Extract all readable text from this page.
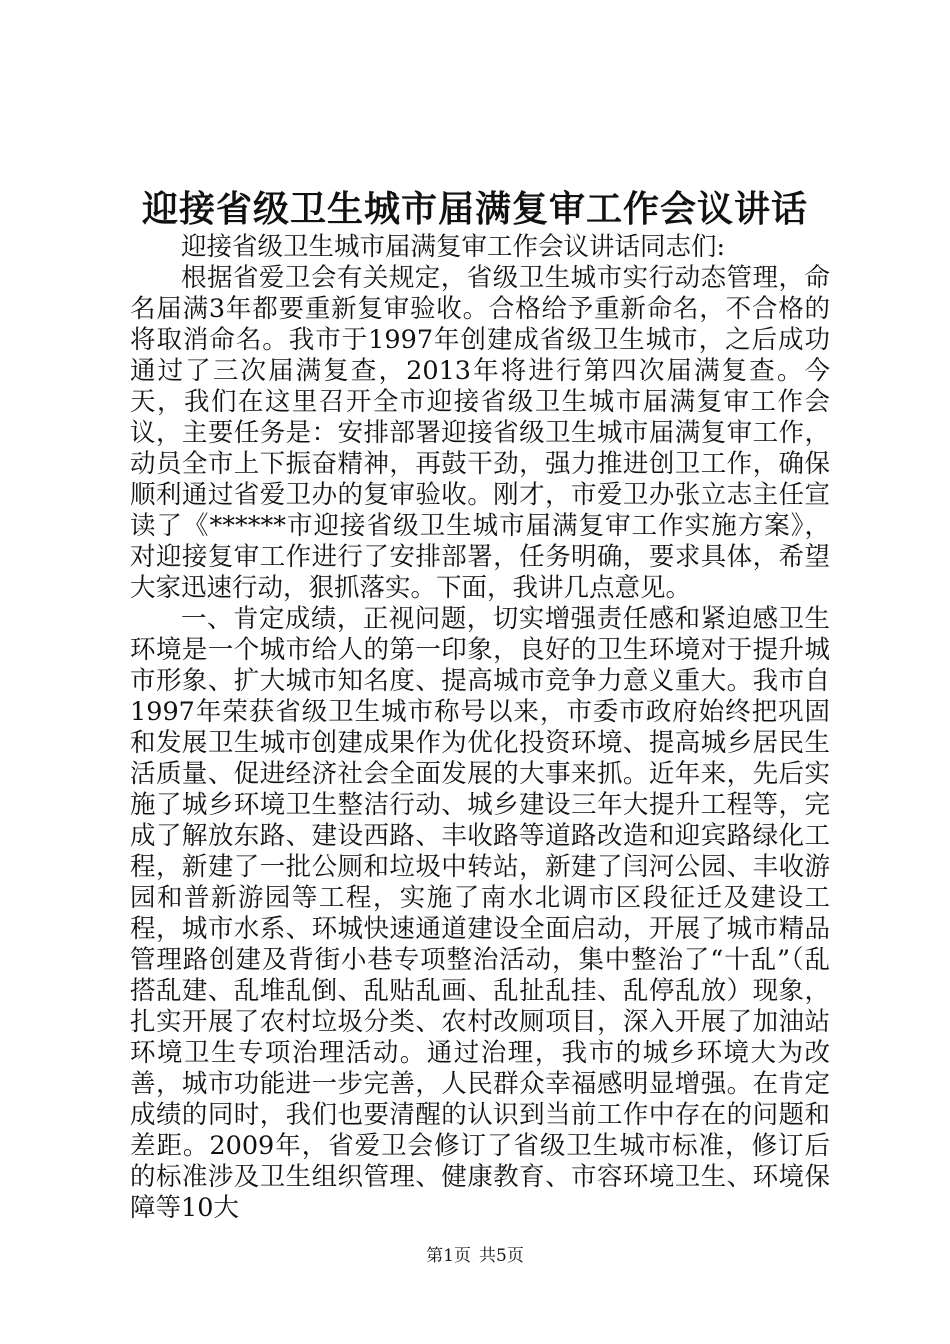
迎接省级卫生城市届满复审工作会议讲话

迎接省级卫生城市届满复审工作会议讲话同志们:

根据省爱卫会有关规定，省级卫生城市实行动态管理，命名届满3年都要重新复审验收。合格给予重新命名，不合格的将取消命名。我市于1997年创建成省级卫生城市，之后成功通过了三次届满复查，2013年将进行第四次届满复查。今天，我们在这里召开全市迎接省级卫生城市届满复审工作会议，主要任务是：安排部署迎接省级卫生城市届满复审工作，动员全市上下振奋精神，再鼓干劲，强力推进创卫工作，确保顺利通过省爱卫办的复审验收。刚才，市爱卫办张立志主任宣读了《******市迎接省级卫生城市届满复审工作实施方案》，对迎接复审工作进行了安排部署，任务明确，要求具体，希望大家迅速行动，狠抓落实。下面，我讲几点意见。

一、肯定成绩，正视问题，切实增强责任感和紧迫感卫生环境是一个城市给人的第一印象，良好的卫生环境对于提升城市形象、扩大城市知名度、提高城市竞争力意义重大。我市自1997年荣获省级卫生城市称号以来，市委市政府始终把巩固和发展卫生城市创建成果作为优化投资环境、提高城乡居民生活质量、促进经济社会全面发展的大事来抓。近年来，先后实施了城乡环境卫生整洁行动、城乡建设三年大提升工程等，完成了解放东路、建设西路、丰收路等道路改造和迎宾路绿化工程，新建了一批公厕和垃圾中转站，新建了闫河公园、丰收游园和普新游园等工程，实施了南水北调市区段征迁及建设工程，城市水系、环城快速通道建设全面启动，开展了城市精品管理路创建及背街小巷专项整治活动，集中整治了“十乱”（乱搭乱建、乱堆乱倒、乱贴乱画、乱扯乱挂、乱停乱放）现象，扎实开展了农村垃圾分类、农村改厕项目，深入开展了加油站环境卫生专项治理活动。通过治理，我市的城乡环境大为改善，城市功能进一步完善，人民群众幸福感明显增强。在肯定成绩的同时，我们也要清醒的认识到当前工作中存在的问题和差距。2009年，省爱卫会修订了省级卫生城市标准，修订后的标准涉及卫生组织管理、健康教育、市容环境卫生、环境保障等10大

第1页 共5页
